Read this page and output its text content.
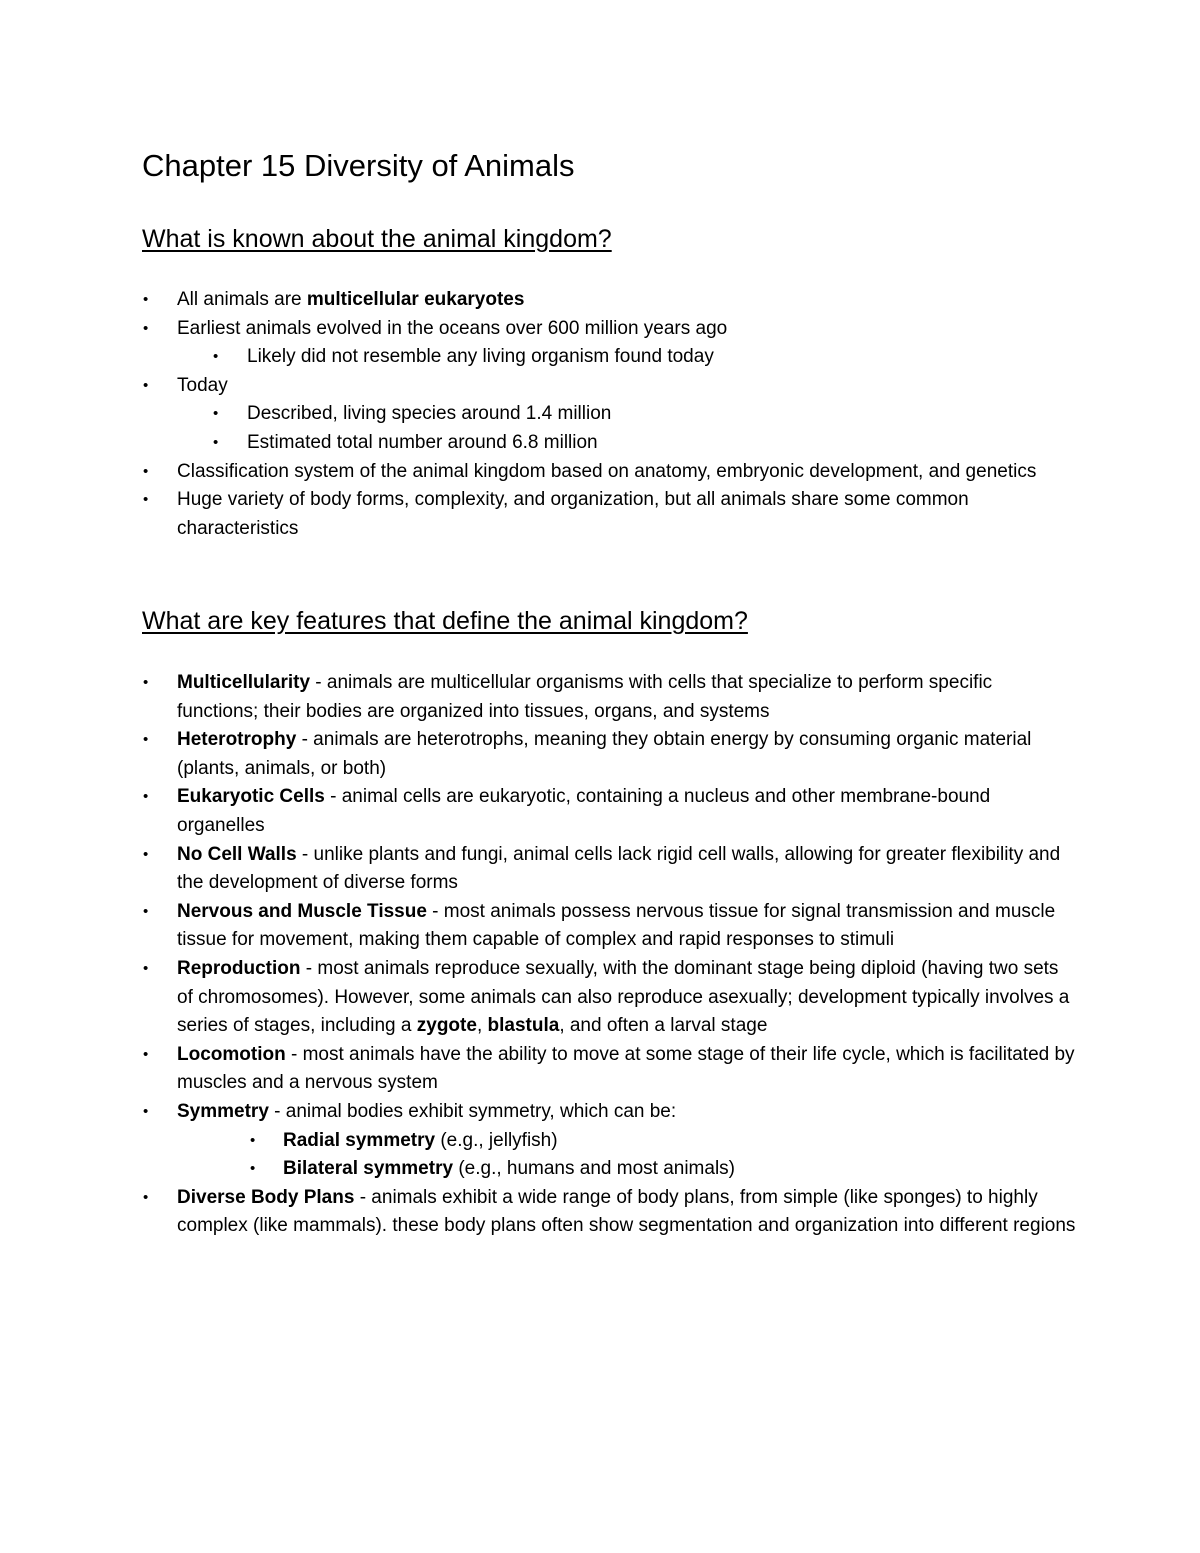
Chapter 15 Diversity of Animals
What is known about the animal kingdom?
• All animals are multicellular eukaryotes
• Earliest animals evolved in the oceans over 600 million years ago
• Likely did not resemble any living organism found today
• Today
• Described, living species around 1.4 million
• Estimated total number around 6.8 million
• Classification system of the animal kingdom based on anatomy, embryonic development, and genetics
• Huge variety of body forms, complexity, and organization, but all animals share some common characteristics
What are key features that define the animal kingdom?
• Multicellularity - animals are multicellular organisms with cells that specialize to perform specific functions; their bodies are organized into tissues, organs, and systems
• Heterotrophy - animals are heterotrophs, meaning they obtain energy by consuming organic material (plants, animals, or both)
• Eukaryotic Cells - animal cells are eukaryotic, containing a nucleus and other membrane-bound organelles
• No Cell Walls - unlike plants and fungi, animal cells lack rigid cell walls, allowing for greater flexibility and the development of diverse forms
• Nervous and Muscle Tissue - most animals possess nervous tissue for signal transmission and muscle tissue for movement, making them capable of complex and rapid responses to stimuli
• Reproduction - most animals reproduce sexually, with the dominant stage being diploid (having two sets of chromosomes). However, some animals can also reproduce asexually; development typically involves a series of stages, including a zygote, blastula, and often a larval stage
• Locomotion - most animals have the ability to move at some stage of their life cycle, which is facilitated by muscles and a nervous system
• Symmetry - animal bodies exhibit symmetry, which can be:
• Radial symmetry (e.g., jellyfish)
• Bilateral symmetry (e.g., humans and most animals)
• Diverse Body Plans - animals exhibit a wide range of body plans, from simple (like sponges) to highly complex (like mammals). these body plans often show segmentation and organization into different regions
